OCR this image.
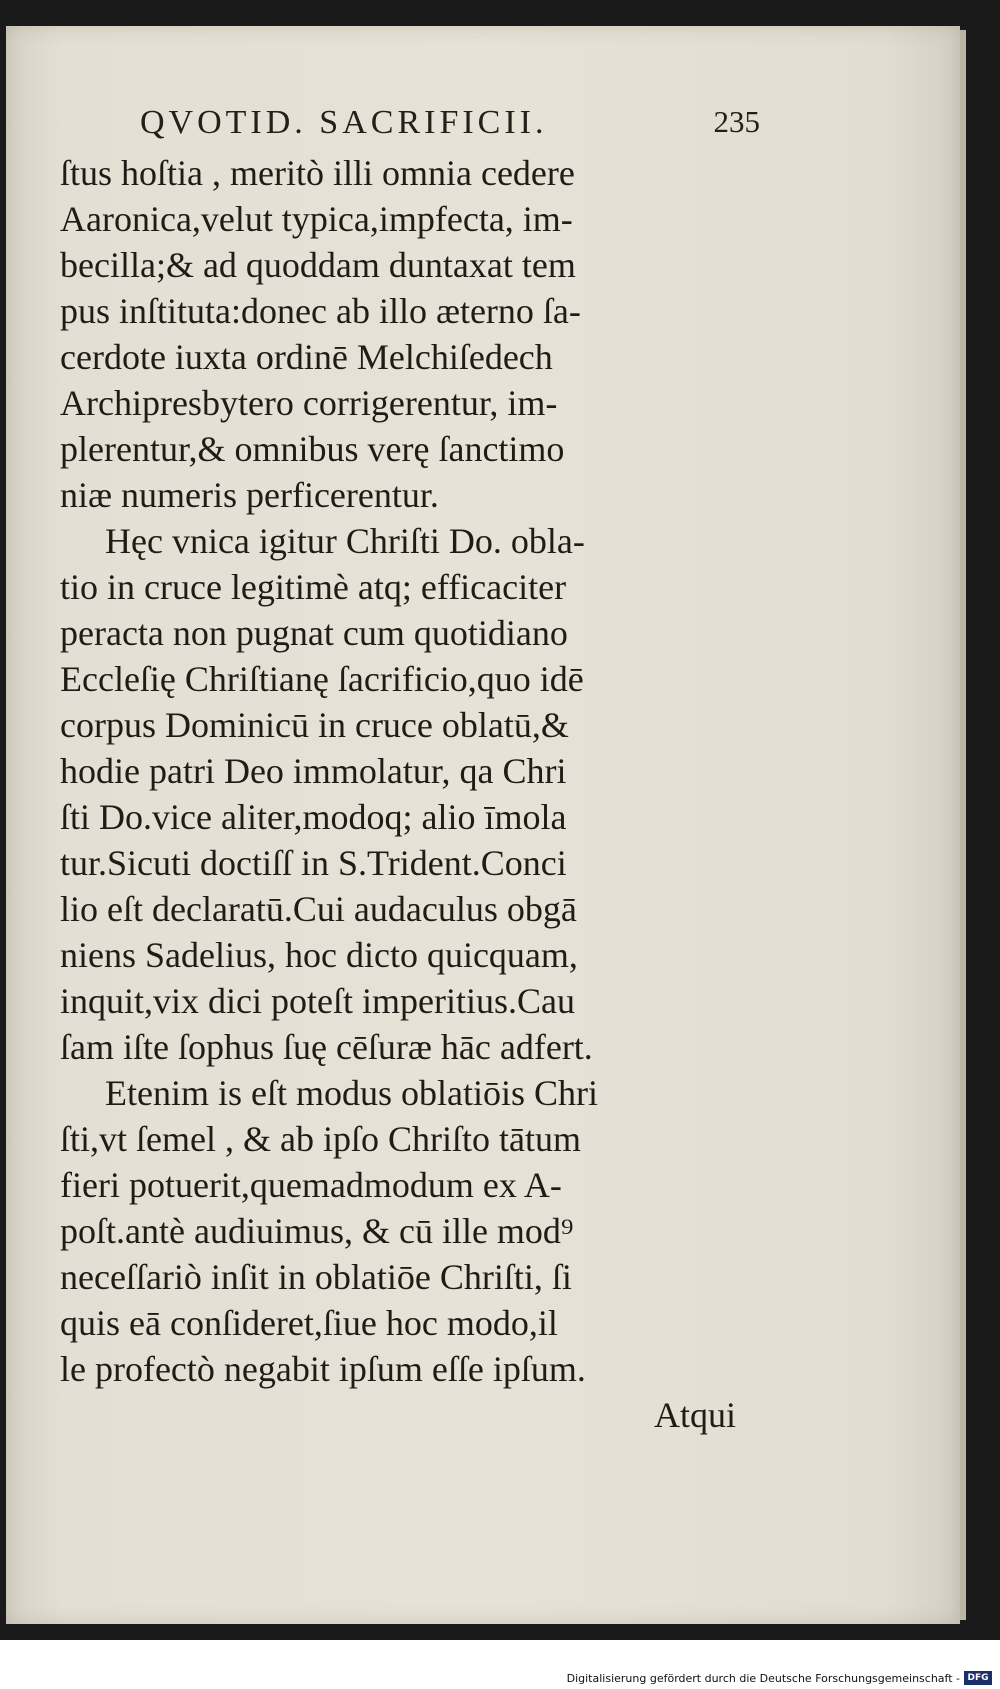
QVOTID. SACRIFICII.	235
ſtus hoſtia , meritò illi omnia cedere
Aaronica,velut typica,impfecta, im-
becilla;& ad quoddam duntaxat tem
pus inſtituta:donec ab illo æterno ſa-
cerdote iuxta ordinē Melchiſedech
Archipresbytero corrigerentur, im-
plerentur,& omnibus verę ſanctimo
niæ numeris perficerentur.
Hęc vnica igitur Chriſti Do. obla-
tio in cruce legitimè atq; efficaciter
peracta non pugnat cum quotidiano
Eccleſię Chriſtianę ſacrificio,quo idē
corpus Dominicū in cruce oblatū,&
hodie patri Deo immolatur, qa Chri
ſti Do.vice aliter,modoq; alio īmola
tur.Sicuti doctiſſ in S.Trident.Conci
lio eſt declaratū.Cui audaculus obgā
niens Sadelius, hoc dicto quicquam,
inquit,vix dici poteſt imperitius.Cau
ſam iſte ſophus ſuę cēſuræ hāc adfert.
Etenim is eſt modus oblatiōis Chri
ſti,vt ſemel , & ab ipſo Chriſto tātum
fieri potuerit,quemadmodum ex A-
poſt.antè audiuimus, & cū ille mod⁹
neceſſariò inſit in oblatiōe Chriſti, ſi
quis eā conſideret,ſiue hoc modo,il
le profectò negabit ipſum eſſe ipſum.
Atqui
Digitalisierung gefördert durch die Deutsche Forschungsgemeinschaft - DFG
